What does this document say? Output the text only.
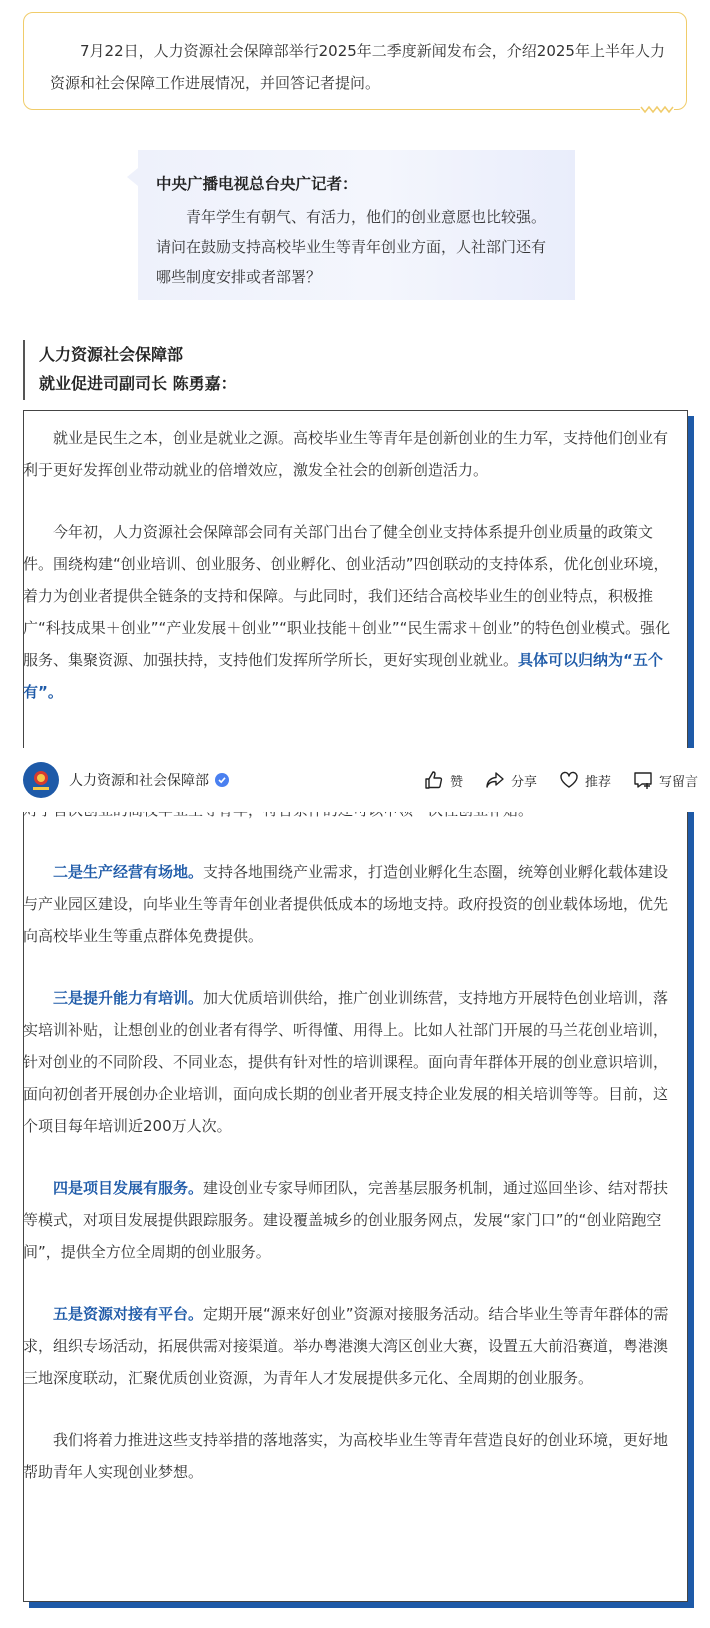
7月22日，人力资源社会保障部举行2025年二季度新闻发布会，介绍2025年上半年人力资源和社会保障工作进展情况，并回答记者提问。

中央广播电视总台央广记者：

青年学生有朝气、有活力，他们的创业意愿也比较强。请问在鼓励支持高校毕业生等青年创业方面，人社部门还有哪些制度安排或者部署？

人力资源社会保障部
就业促进司副司长 陈勇嘉：

就业是民生之本，创业是就业之源。高校毕业生等青年是创新创业的生力军，支持他们创业有利于更好发挥创业带动就业的倍增效应，激发全社会的创新创造活力。

今年初，人力资源社会保障部会同有关部门出台了健全创业支持体系提升创业质量的政策文件。围绕构建“创业培训、创业服务、创业孵化、创业活动”四创联动的支持体系，优化创业环境，着力为创业者提供全链条的支持和保障。与此同时，我们还结合高校毕业生的创业特点，积极推广“科技成果＋创业”“产业发展＋创业”“职业技能＋创业”“民生需求＋创业”的特色创业模式。强化服务、集聚资源、加强扶持，支持他们发挥所学所长，更好实现创业就业。具体可以归纳为“五个有”。

人力资源和社会保障部	赞	分享	推荐	写留言

二是生产经营有场地。支持各地围绕产业需求，打造创业孵化生态圈，统筹创业孵化载体建设与产业园区建设，向毕业生等青年创业者提供低成本的场地支持。政府投资的创业载体场地，优先向高校毕业生等重点群体免费提供。

三是提升能力有培训。加大优质培训供给，推广创业训练营，支持地方开展特色创业培训，落实培训补贴，让想创业的创业者有得学、听得懂、用得上。比如人社部门开展的马兰花创业培训，针对创业的不同阶段、不同业态，提供有针对性的培训课程。面向青年群体开展的创业意识培训，面向初创者开展创办企业培训，面向成长期的创业者开展支持企业发展的相关培训等等。目前，这个项目每年培训近200万人次。

四是项目发展有服务。建设创业专家导师团队，完善基层服务机制，通过巡回坐诊、结对帮扶等模式，对项目发展提供跟踪服务。建设覆盖城乡的创业服务网点，发展“家门口”的“创业陪跑空间”，提供全方位全周期的创业服务。

五是资源对接有平台。定期开展“源来好创业”资源对接服务活动。结合毕业生等青年群体的需求，组织专场活动，拓展供需对接渠道。举办粤港澳大湾区创业大赛，设置五大前沿赛道，粤港澳三地深度联动，汇聚优质创业资源，为青年人才发展提供多元化、全周期的创业服务。

我们将着力推进这些支持举措的落地落实，为高校毕业生等青年营造良好的创业环境，更好地帮助青年人实现创业梦想。
